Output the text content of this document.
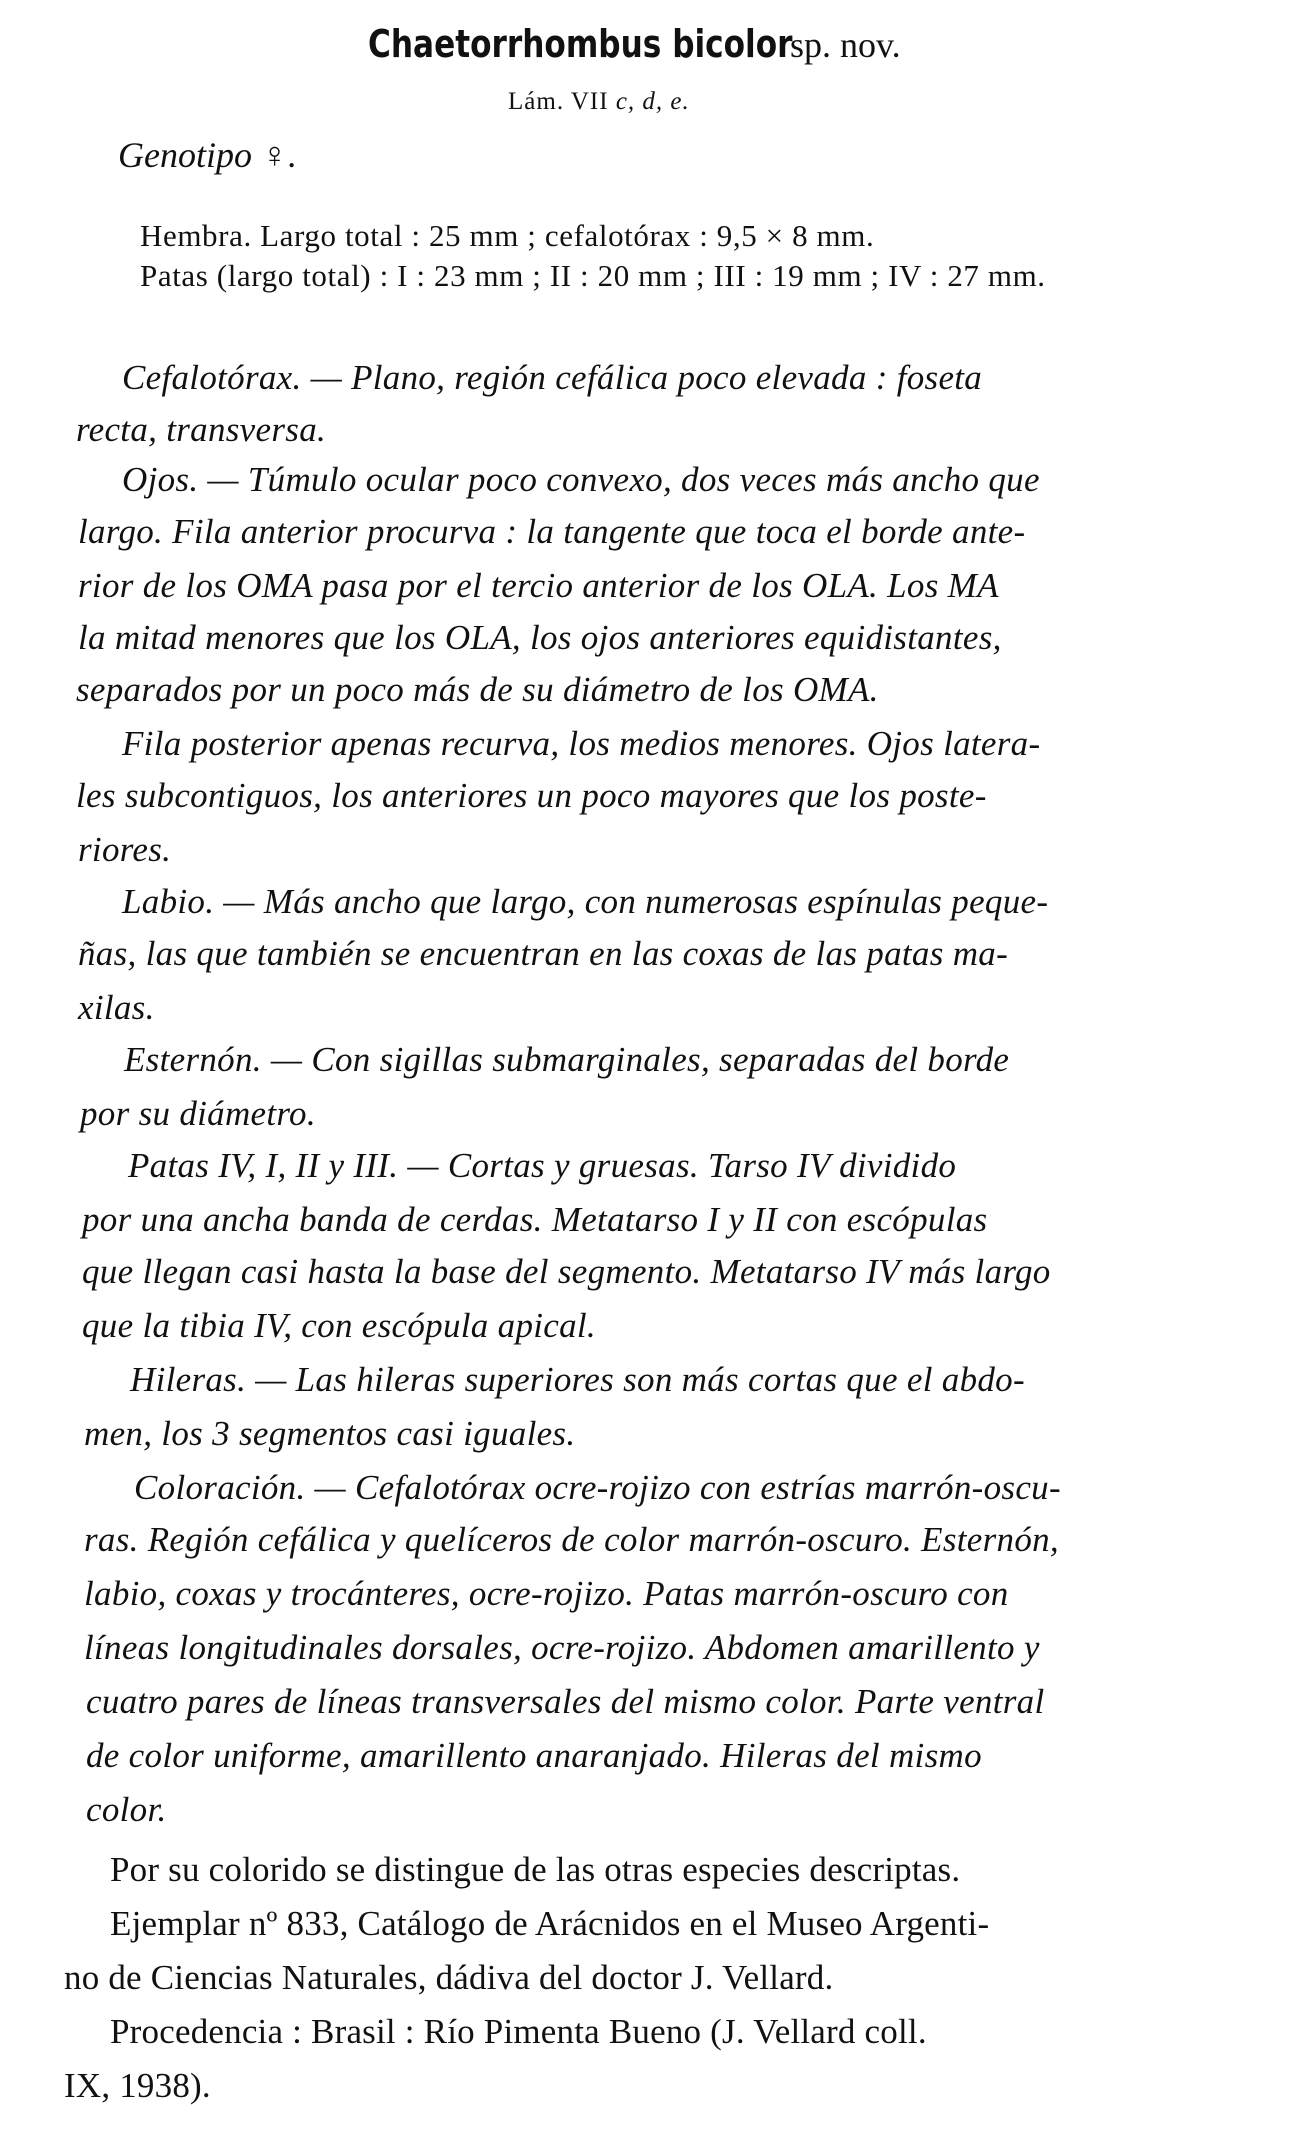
Chaetorrhombus bicolor
sp. nov.
Lám. VII c, d, e.
Genotipo ♀.
Hembra. Largo total : 25 mm ; cefalotórax : 9,5 × 8 mm.
Patas (largo total) : I : 23 mm ; II : 20 mm ; III : 19 mm ; IV : 27 mm.
Cefalotórax. — Plano, región cefálica poco elevada : foseta
recta, transversa.
Ojos. — Túmulo ocular poco convexo, dos veces más ancho que
largo. Fila anterior procurva : la tangente que toca el borde ante-
rior de los OMA pasa por el tercio anterior de los OLA. Los MA
la mitad menores que los OLA, los ojos anteriores equidistantes,
separados por un poco más de su diámetro de los OMA.
Fila posterior apenas recurva, los medios menores. Ojos latera-
les subcontiguos, los anteriores un poco mayores que los poste-
riores.
Labio. — Más ancho que largo, con numerosas espínulas peque-
ñas, las que también se encuentran en las coxas de las patas ma-
xilas.
Esternón. — Con sigillas submarginales, separadas del borde
por su diámetro.
Patas IV, I, II y III. — Cortas y gruesas. Tarso IV dividido
por una ancha banda de cerdas. Metatarso I y II con escópulas
que llegan casi hasta la base del segmento. Metatarso IV más largo
que la tibia IV, con escópula apical.
Hileras. — Las hileras superiores son más cortas que el abdo-
men, los 3 segmentos casi iguales.
Coloración. — Cefalotórax ocre-rojizo con estrías marrón-oscu-
ras. Región cefálica y quelíceros de color marrón-oscuro. Esternón,
labio, coxas y trocánteres, ocre-rojizo. Patas marrón-oscuro con
líneas longitudinales dorsales, ocre-rojizo. Abdomen amarillento y
cuatro pares de líneas transversales del mismo color. Parte ventral
de color uniforme, amarillento anaranjado. Hileras del mismo
color.
Por su colorido se distingue de las otras especies descriptas.
Ejemplar nº 833, Catálogo de Arácnidos en el Museo Argenti-
no de Ciencias Naturales, dádiva del doctor J. Vellard.
Procedencia : Brasil : Río Pimenta Bueno (J. Vellard coll.
IX, 1938).
